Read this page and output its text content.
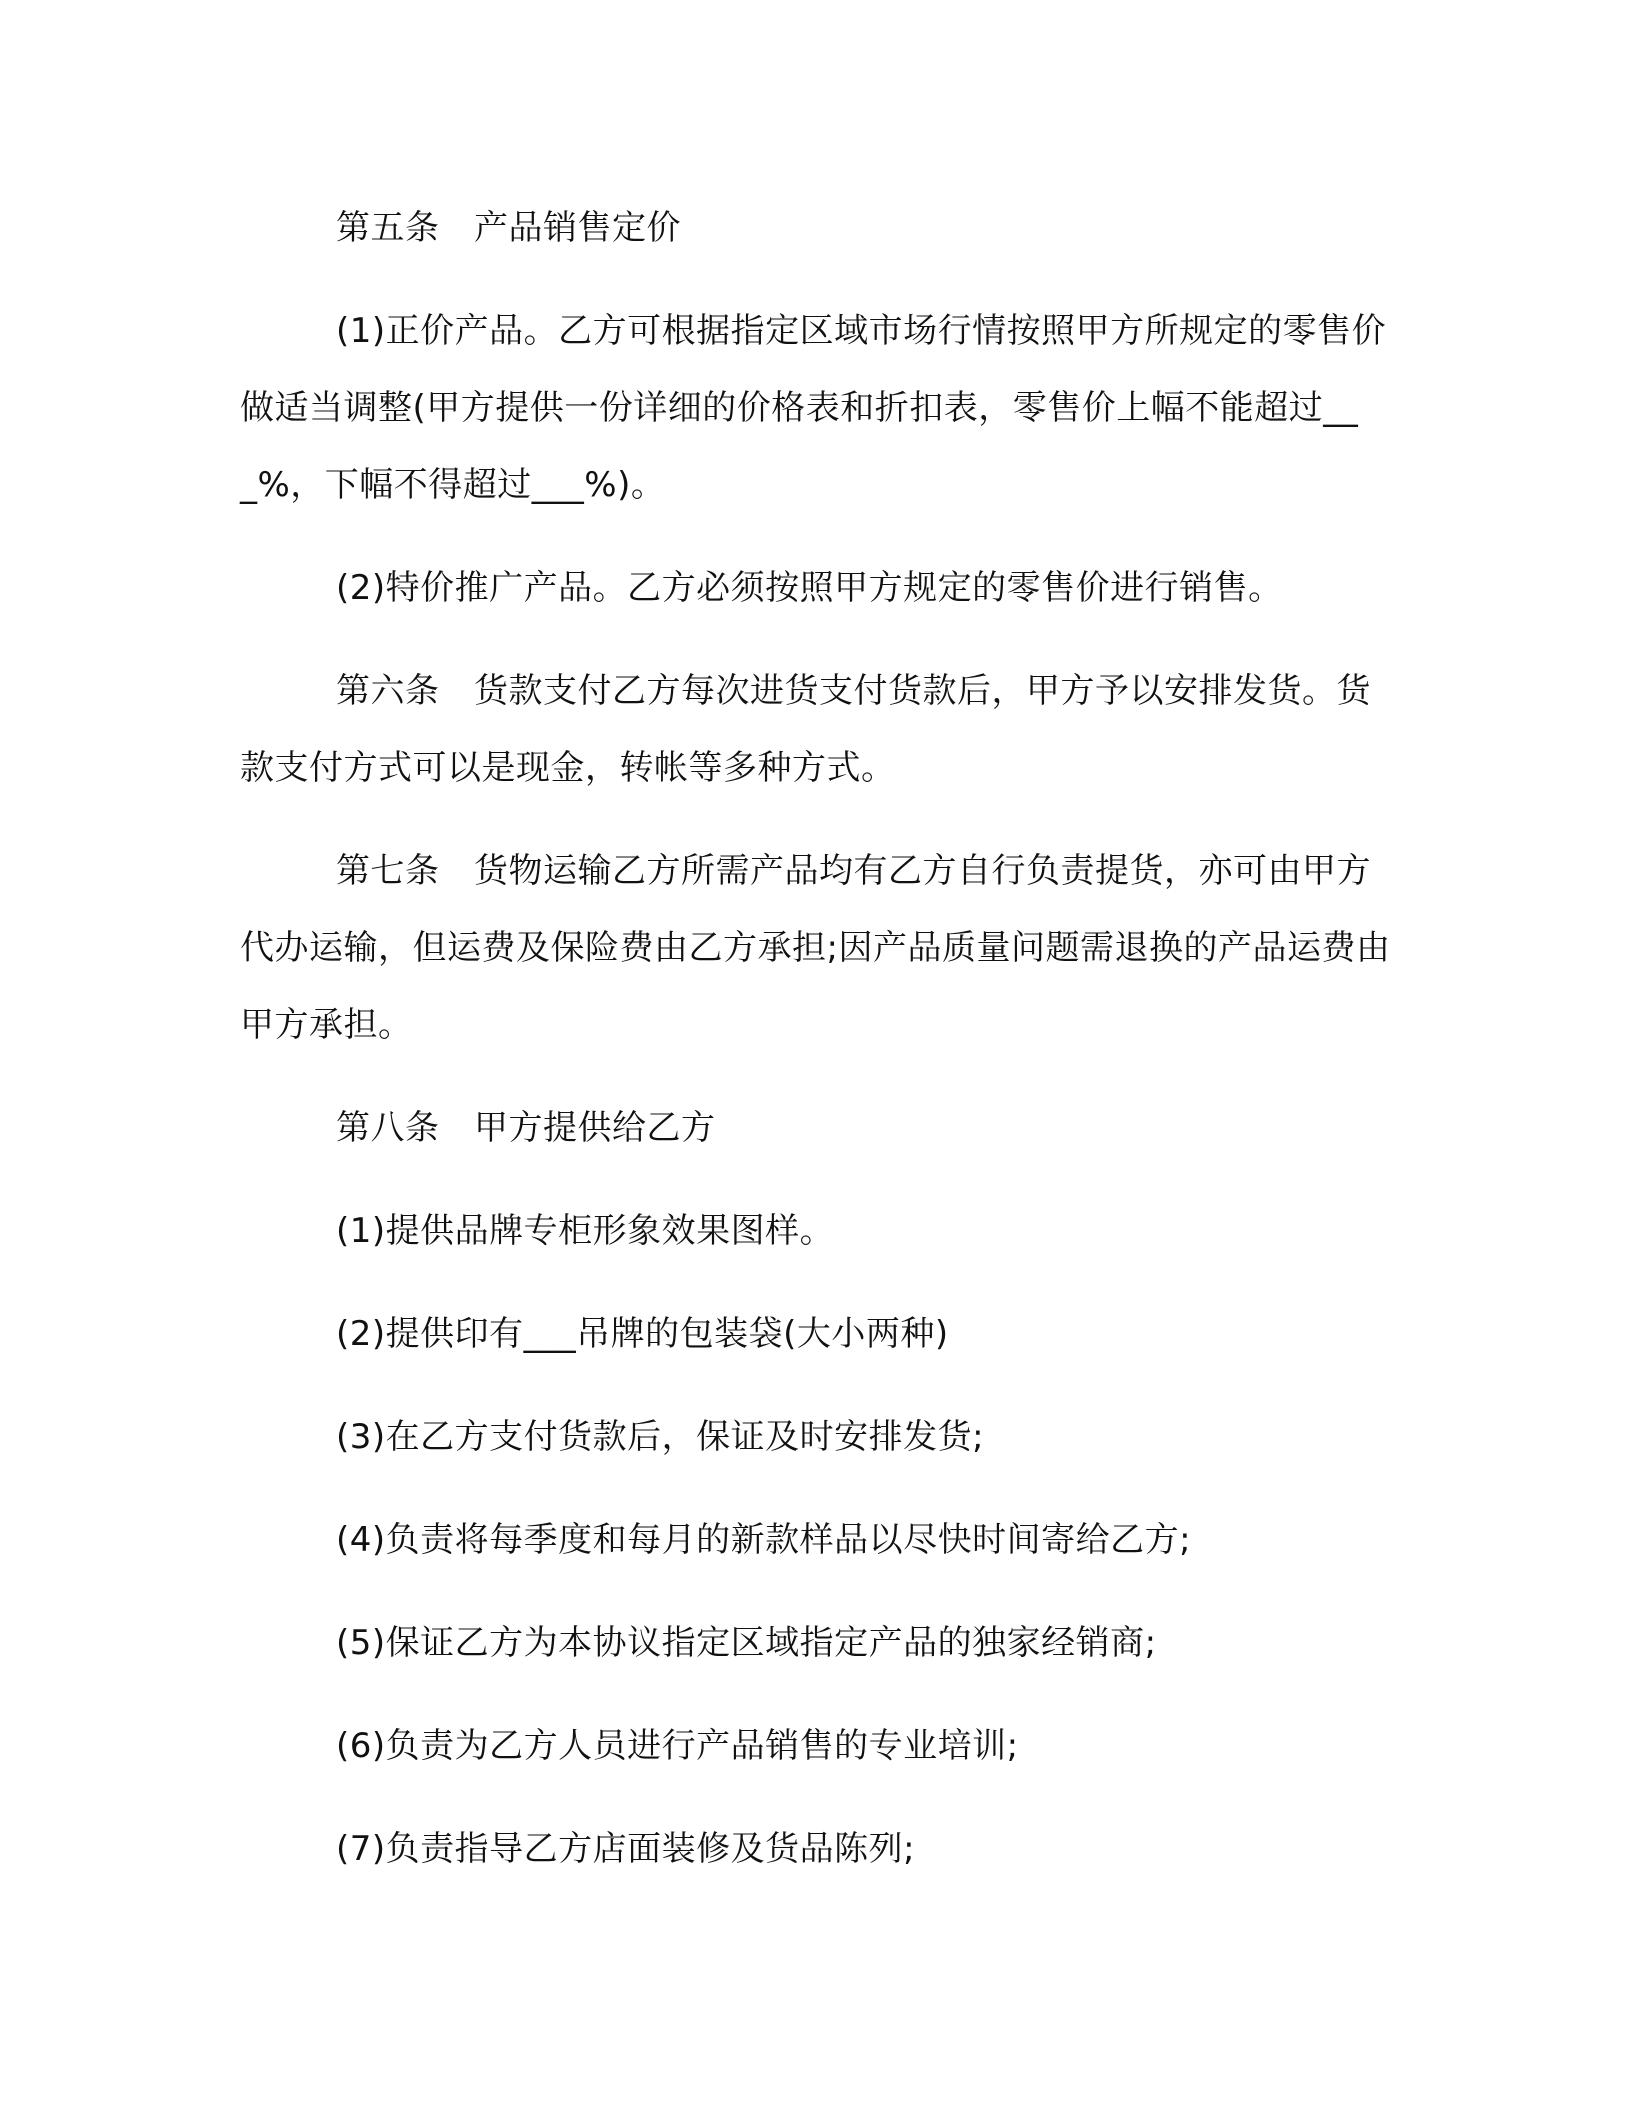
第五条　产品销售定价

(1)正价产品。乙方可根据指定区域市场行情按照甲方所规定的零售价做适当调整(甲方提供一份详细的价格表和折扣表，零售价上幅不能超过___%，下幅不得超过___%)。

(2)特价推广产品。乙方必须按照甲方规定的零售价进行销售。

第六条　货款支付乙方每次进货支付货款后，甲方予以安排发货。货款支付方式可以是现金，转帐等多种方式。

第七条　货物运输乙方所需产品均有乙方自行负责提货，亦可由甲方代办运输，但运费及保险费由乙方承担;因产品质量问题需退换的产品运费由甲方承担。

第八条　甲方提供给乙方

(1)提供品牌专柜形象效果图样。

(2)提供印有___吊牌的包装袋(大小两种)

(3)在乙方支付货款后，保证及时安排发货;

(4)负责将每季度和每月的新款样品以尽快时间寄给乙方;

(5)保证乙方为本协议指定区域指定产品的独家经销商;

(6)负责为乙方人员进行产品销售的专业培训;

(7)负责指导乙方店面装修及货品陈列;
